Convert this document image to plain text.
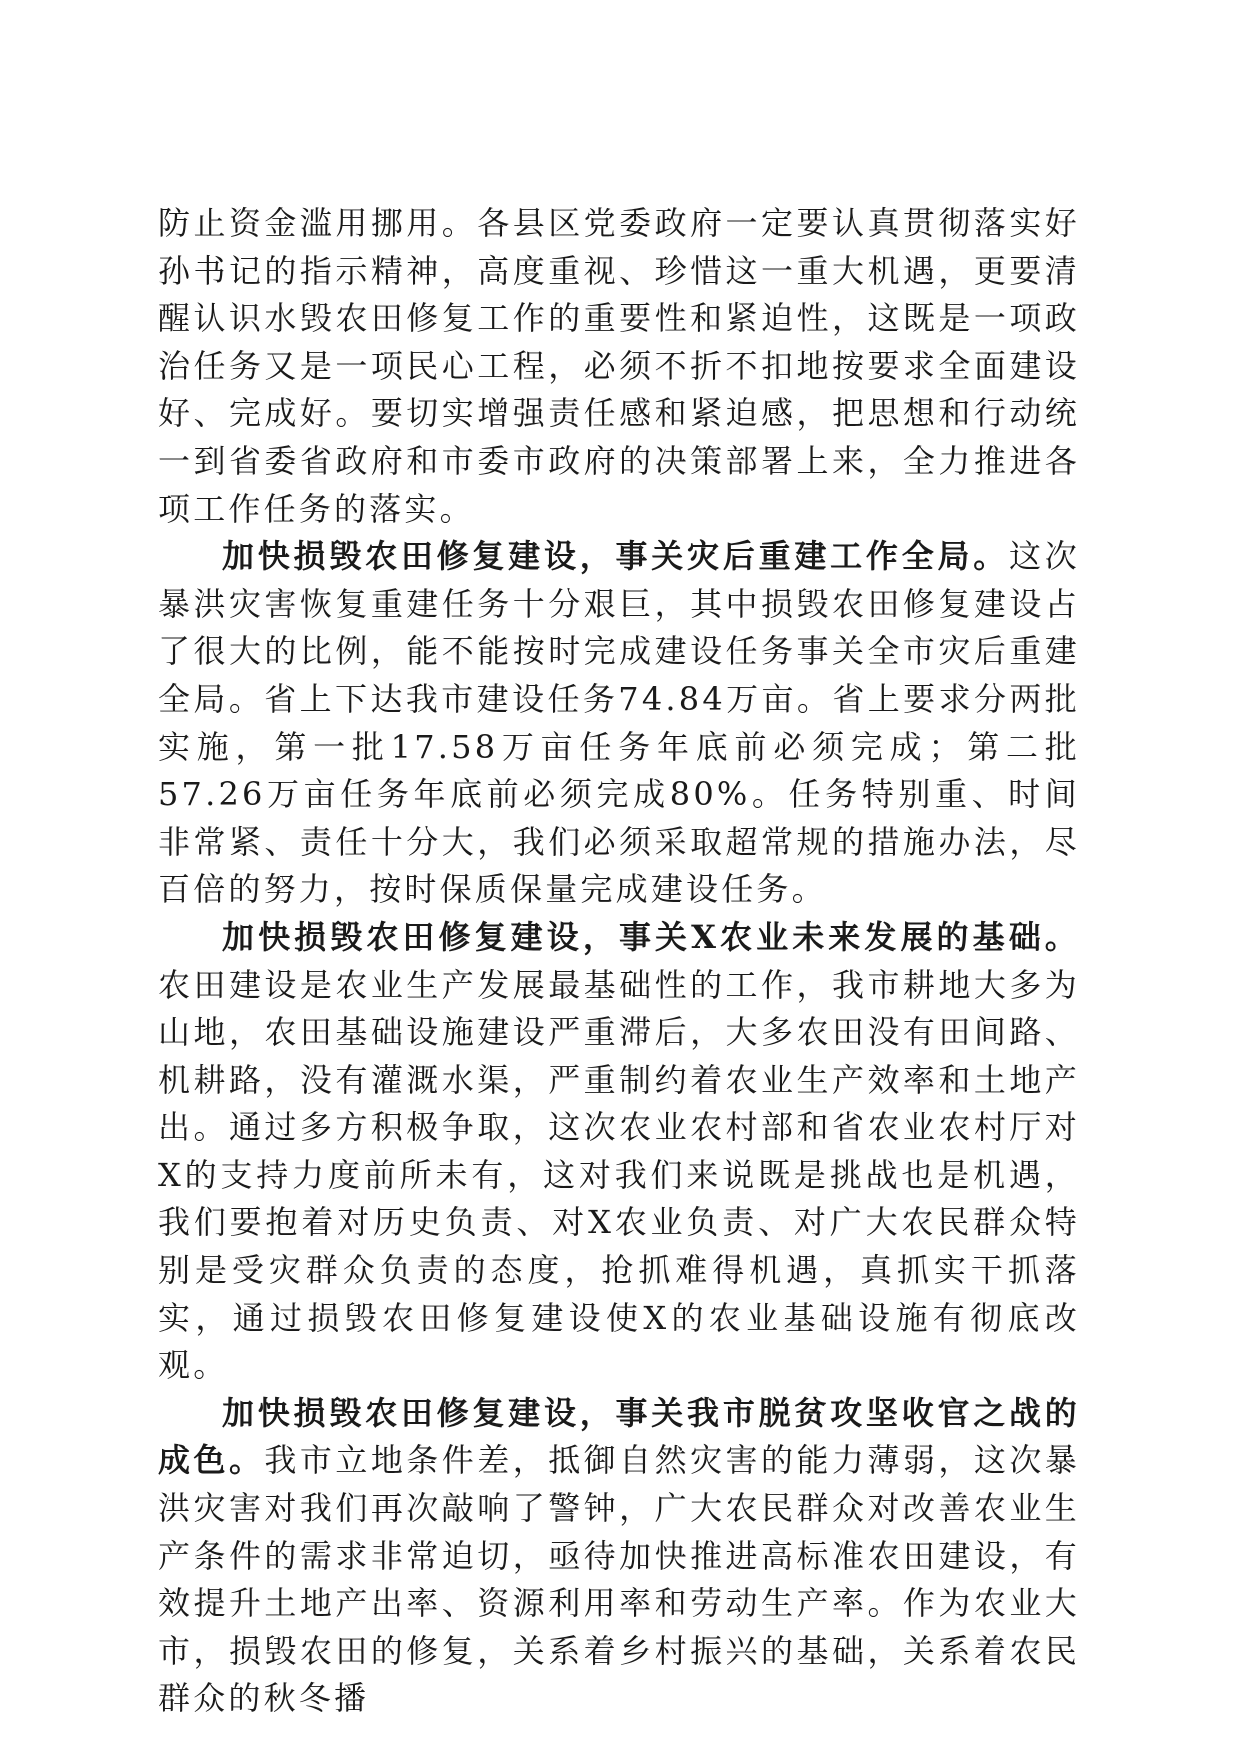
防止资金滥用挪用。各县区党委政府一定要认真贯彻落实好孙书记的指示精神，高度重视、珍惜这一重大机遇，更要清醒认识水毁农田修复工作的重要性和紧迫性，这既是一项政治任务又是一项民心工程，必须不折不扣地按要求全面建设好、完成好。要切实增强责任感和紧迫感，把思想和行动统一到省委省政府和市委市政府的决策部署上来，全力推进各项工作任务的落实。

加快损毁农田修复建设，事关灾后重建工作全局。这次暴洪灾害恢复重建任务十分艰巨，其中损毁农田修复建设占了很大的比例，能不能按时完成建设任务事关全市灾后重建全局。省上下达我市建设任务74.84万亩。省上要求分两批实施，第一批17.58万亩任务年底前必须完成；第二批57.26万亩任务年底前必须完成80%。任务特别重、时间非常紧、责任十分大，我们必须采取超常规的措施办法，尽百倍的努力，按时保质保量完成建设任务。

加快损毁农田修复建设，事关X农业未来发展的基础。农田建设是农业生产发展最基础性的工作，我市耕地大多为山地，农田基础设施建设严重滞后，大多农田没有田间路、机耕路，没有灌溉水渠，严重制约着农业生产效率和土地产出。通过多方积极争取，这次农业农村部和省农业农村厅对X的支持力度前所未有，这对我们来说既是挑战也是机遇，我们要抱着对历史负责、对X农业负责、对广大农民群众特别是受灾群众负责的态度，抢抓难得机遇，真抓实干抓落实，通过损毁农田修复建设使X的农业基础设施有彻底改观。

加快损毁农田修复建设，事关我市脱贫攻坚收官之战的成色。我市立地条件差，抵御自然灾害的能力薄弱，这次暴洪灾害对我们再次敲响了警钟，广大农民群众对改善农业生产条件的需求非常迫切，亟待加快推进高标准农田建设，有效提升土地产出率、资源利用率和劳动生产率。作为农业大市，损毁农田的修复，关系着乡村振兴的基础，关系着农民群众的秋冬播
